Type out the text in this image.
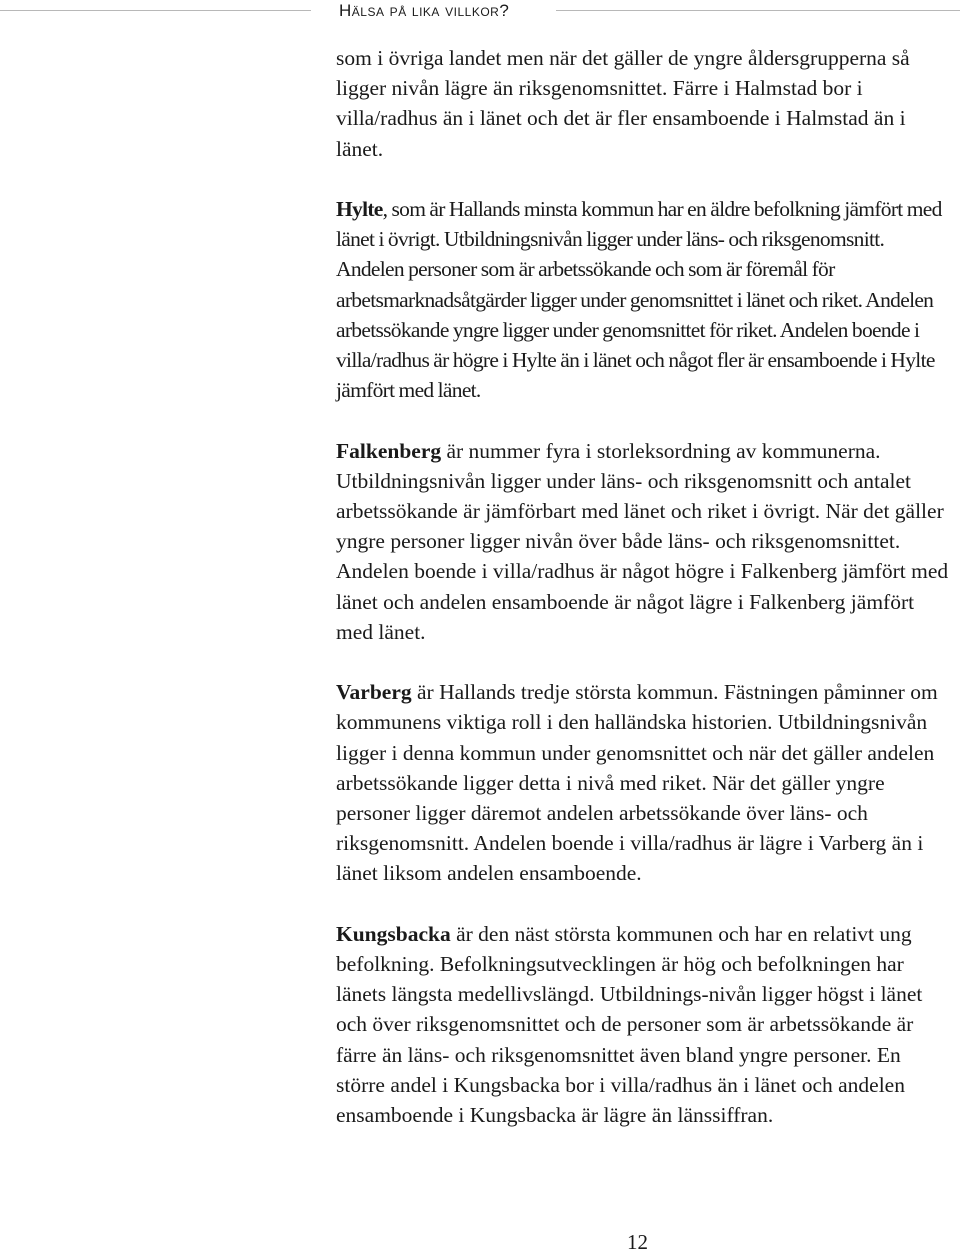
Hälsa på lika villkor?

som i övriga landet men när det gäller de yngre åldersgrupperna så ligger nivån lägre än riksgenomsnittet. Färre i Halmstad bor i villa/radhus än i länet och det är fler ensamboende i Halmstad än i länet.

Hylte, som är Hallands minsta kommun har en äldre befolkning jämfört med länet i övrigt. Utbildningsnivån ligger under läns- och riksgenomsnitt. Andelen personer som är arbetssökande och som är föremål för arbetsmarknadsåtgärder ligger under genomsnittet i länet och riket. Andelen arbetssökande yngre ligger under genomsnittet för riket. Andelen boende i villa/radhus är högre i Hylte än i länet och något fler är ensamboende i Hylte jämfört med länet.

Falkenberg är nummer fyra i storleksordning av kommunerna. Utbildningsnivån ligger under läns- och riksgenomsnitt och antalet arbetssökande är jämförbart med länet och riket i övrigt. När det gäller yngre personer ligger nivån över både läns- och riksgenomsnittet. Andelen boende i villa/radhus är något högre i Falkenberg jämfört med länet och andelen ensamboende är något lägre i Falkenberg jämfört med länet.

Varberg är Hallands tredje största kommun. Fästningen påminner om kommunens viktiga roll i den halländska historien. Utbildningsnivån ligger i denna kommun under genomsnittet och när det gäller andelen arbetssökande ligger detta i nivå med riket. När det gäller yngre personer ligger däremot andelen arbetssökande över läns- och riksgenomsnitt. Andelen boende i villa/radhus är lägre i Varberg än i länet liksom andelen ensamboende.

Kungsbacka är den näst största kommunen och har en relativt ung befolkning. Befolkningsutvecklingen är hög och befolkningen har länets längsta medellivslängd. Utbildnings-nivån ligger högst i länet och över riksgenomsnittet och de personer som är arbetssökande är färre än läns- och riksgenomsnittet även bland yngre personer. En större andel i Kungsbacka bor i villa/radhus än i länet och andelen ensamboende i Kungsbacka är lägre än länssiffran.

12
